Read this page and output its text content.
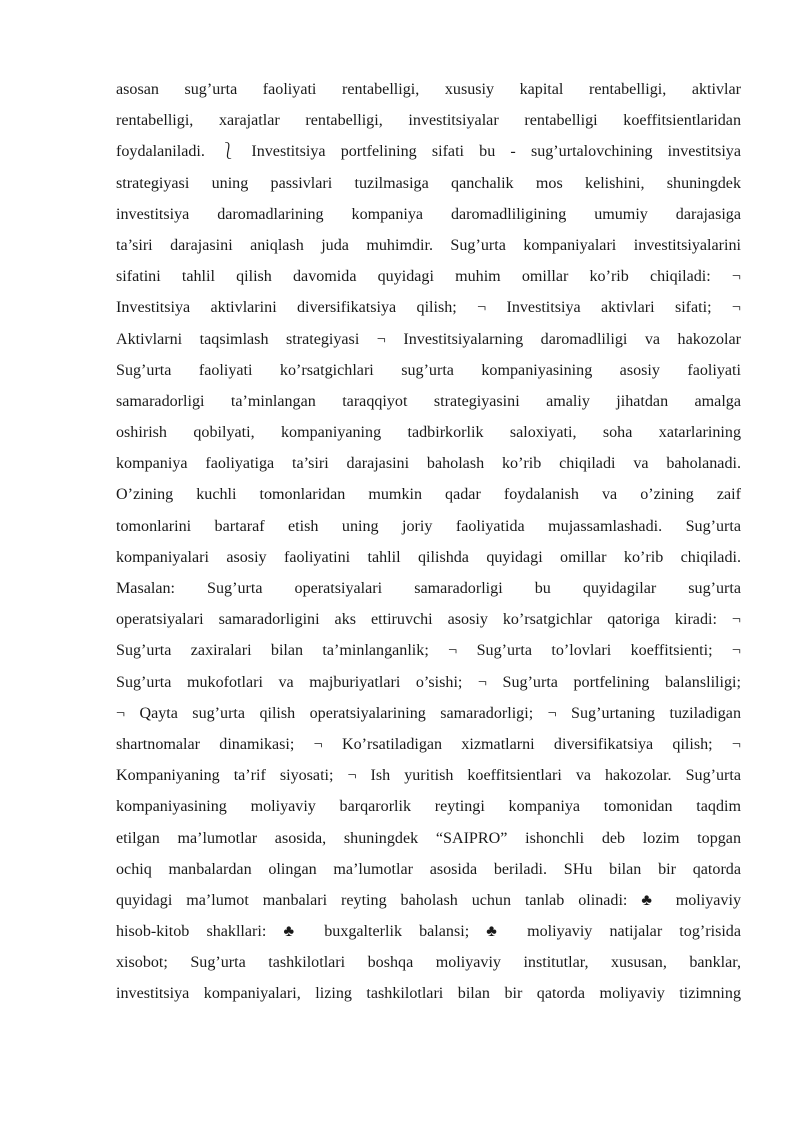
asosan sug’urta faoliyati rentabelligi, xususiy kapital rentabelligi, aktivlar
rentabelligi, xarajatlar rentabelligi, investitsiyalar rentabelligi koeffitsientlaridan
foydalaniladi. ⎱ Investitsiya portfelining sifati bu - sug’urtalovchining investitsiya
strategiyasi uning passivlari tuzilmasiga qanchalik mos kelishini, shuningdek
investitsiya daromadlarining kompaniya daromadliligining umumiy darajasiga
ta’siri darajasini aniqlash juda muhimdir. Sug’urta kompaniyalari investitsiyalarini
sifatini tahlil qilish davomida quyidagi muhim omillar ko’rib chiqiladi: ¬
Investitsiya aktivlarini diversifikatsiya qilish; ¬ Investitsiya aktivlari sifati; ¬
Aktivlarni taqsimlash strategiyasi ¬ Investitsiyalarning daromadliligi va hakozolar
Sug’urta faoliyati ko’rsatgichlari sug’urta kompaniyasining asosiy faoliyati
samaradorligi ta’minlangan taraqqiyot strategiyasini amaliy jihatdan amalga
oshirish qobilyati, kompaniyaning tadbirkorlik saloxiyati, soha xatarlarining
kompaniya faoliyatiga ta’siri darajasini baholash ko’rib chiqiladi va baholanadi.
O’zining kuchli tomonlaridan mumkin qadar foydalanish va o’zining zaif
tomonlarini bartaraf etish uning joriy faoliyatida mujassamlashadi. Sug’urta
kompaniyalari asosiy faoliyatini tahlil qilishda quyidagi omillar ko’rib chiqiladi.
Masalan: Sug’urta operatsiyalari samaradorligi bu quyidagilar sug’urta
operatsiyalari samaradorligini aks ettiruvchi asosiy ko’rsatgichlar qatoriga kiradi: ¬
Sug’urta zaxiralari bilan ta’minlanganlik; ¬ Sug’urta to’lovlari koeffitsienti; ¬
Sug’urta mukofotlari va majburiyatlari o’sishi; ¬ Sug’urta portfelining balansliligi;
¬ Qayta sug’urta qilish operatsiyalarining samaradorligi; ¬ Sug’urtaning tuziladigan
shartnomalar dinamikasi; ¬ Ko’rsatiladigan xizmatlarni diversifikatsiya qilish; ¬
Kompaniyaning ta’rif siyosati; ¬ Ish yuritish koeffitsientlari va hakozolar. Sug’urta
kompaniyasining moliyaviy barqarorlik reytingi kompaniya tomonidan taqdim
etilgan ma’lumotlar asosida, shuningdek “SAIPRO” ishonchli deb lozim topgan
ochiq manbalardan olingan ma’lumotlar asosida beriladi. SHu bilan bir qatorda
quyidagi ma’lumot manbalari reyting baholash uchun tanlab olinadi: ♣ moliyaviy
hisob-kitob shakllari: ♣ buxgalterlik balansi; ♣ moliyaviy natijalar tog’risida
xisobot; Sug’urta tashkilotlari boshqa moliyaviy institutlar, xususan, banklar,
investitsiya kompaniyalari, lizing tashkilotlari bilan bir qatorda moliyaviy tizimning
